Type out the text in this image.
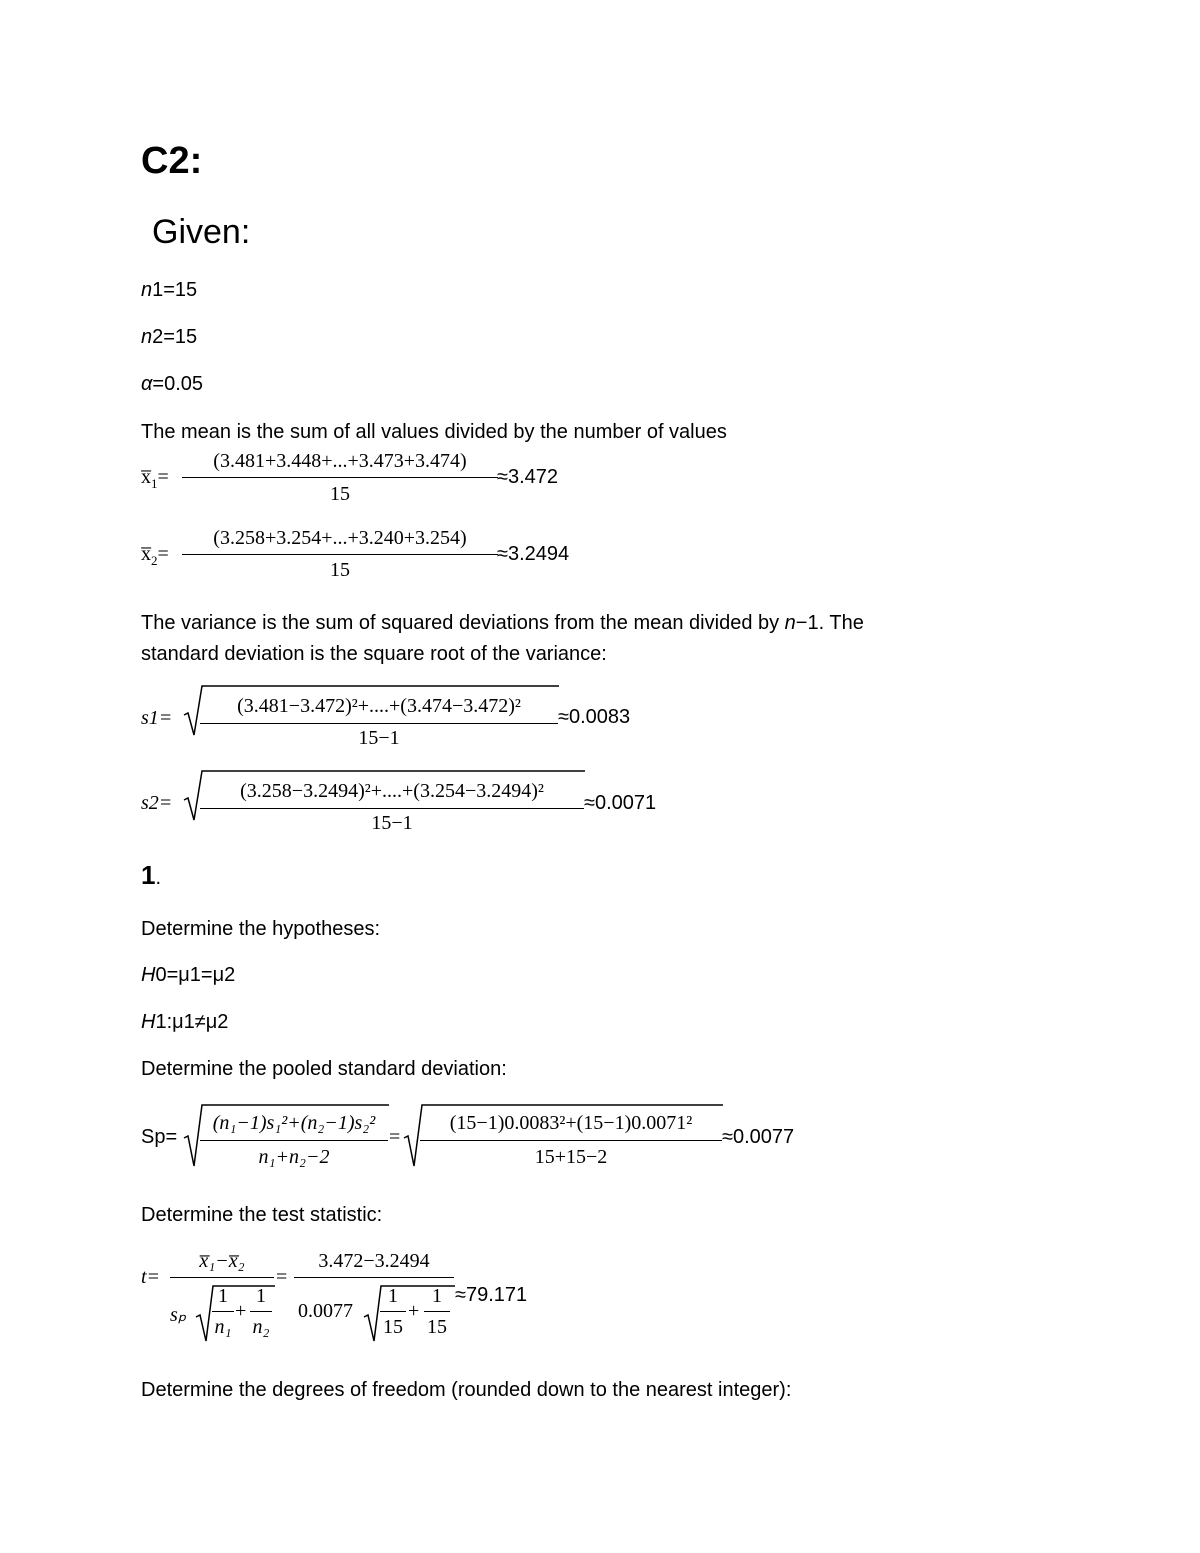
C2:
Given:
n1=15
n2=15
α=0.05
The mean is the sum of all values divided by the number of values
$x̅_1=$
(3.481+3.448+...+3.473+3.474)
15
≈3.472
$x̅_2=$
(3.258+3.254+...+3.240+3.254)
15
≈3.2494
The variance is the sum of squared deviations from the mean divided by n−1. The
standard deviation is the square root of the variance:
s1=
(3.481−3.472)²+....+(3.474−3.472)²
15−1
≈0.0083
s2=
(3.258−3.2494)²+....+(3.254−3.2494)²
15−1
≈0.0071
1.
Determine the hypotheses:
H0=μ1=μ2
H1:μ1≠μ2
Determine the pooled standard deviation:
Sp=
(n₁−1)s₁²+(n₂−1)s₂²
n₁+n₂−2
=
(15−1)0.0083²+(15−1)0.0071²
15+15−2
≈0.0077
Determine the test statistic:
t=
x̅₁−x̅₂
sₚ
1
n₁
+
1
n₂
=
3.472−3.2494
0.0077
1
15
+
1
15
≈79.171
Determine the degrees of freedom (rounded down to the nearest integer):
